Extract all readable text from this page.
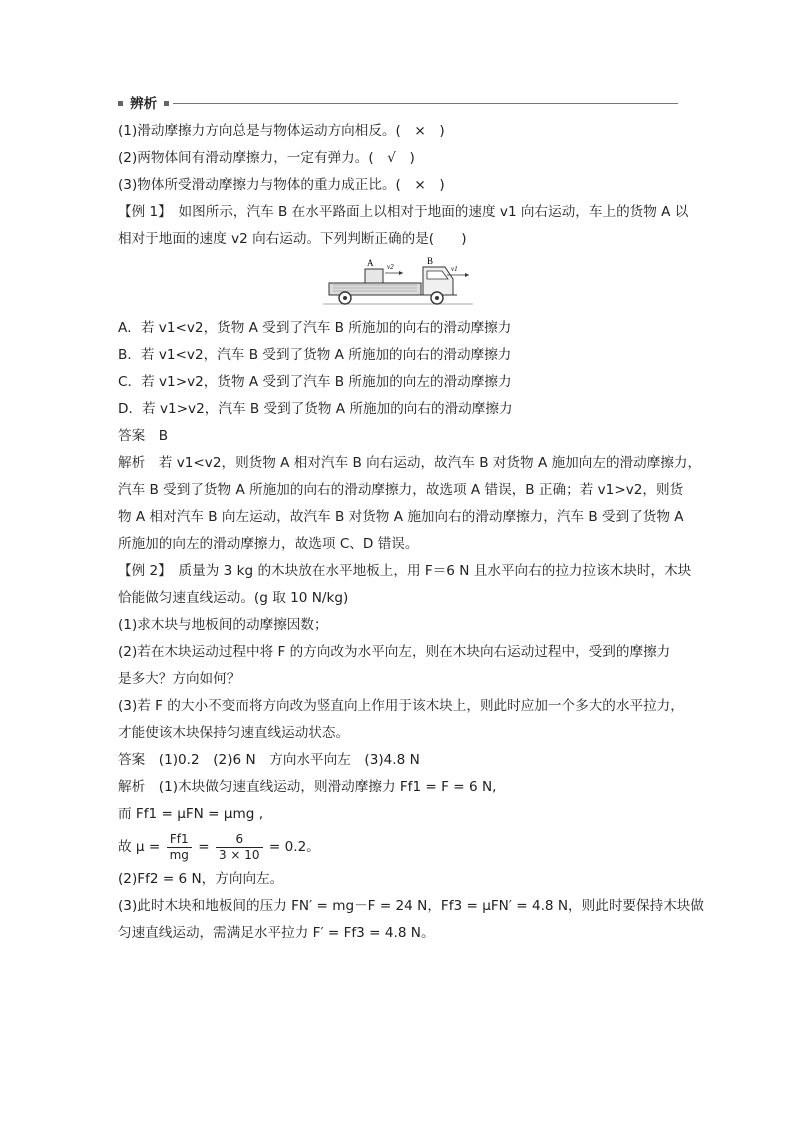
辨析
(1)滑动摩擦力方向总是与物体运动方向相反。(　×　)
(2)两物体间有滑动摩擦力，一定有弹力。(　√　)
(3)物体所受滑动摩擦力与物体的重力成正比。(　×　)
【例 1】　如图所示，汽车 B 在水平路面上以相对于地面的速度 v1 向右运动，车上的货物 A 以
相对于地面的速度 v2 向右运动。下列判断正确的是(　　)
A v2
B
v1
A．若 v1<v2，货物 A 受到了汽车 B 所施加的向右的滑动摩擦力
B．若 v1<v2，汽车 B 受到了货物 A 所施加的向右的滑动摩擦力
C．若 v1>v2，货物 A 受到了汽车 B 所施加的向左的滑动摩擦力
D．若 v1>v2，汽车 B 受到了货物 A 所施加的向右的滑动摩擦力
答案　B
解析　若 v1<v2，则货物 A 相对汽车 B 向右运动，故汽车 B 对货物 A 施加向左的滑动摩擦力，
汽车 B 受到了货物 A 所施加的向右的滑动摩擦力，故选项 A 错误，B 正确；若 v1>v2，则货
物 A 相对汽车 B 向左运动，故汽车 B 对货物 A 施加向右的滑动摩擦力，汽车 B 受到了货物 A
所施加的向左的滑动摩擦力，故选项 C、D 错误。
【例 2】　质量为 3 kg 的木块放在水平地板上，用 F＝6 N 且水平向右的拉力拉该木块时，木块
恰能做匀速直线运动。(g 取 10 N/kg)
(1)求木块与地板间的动摩擦因数；
(2)若在木块运动过程中将 F 的方向改为水平向左，则在木块向右运动过程中，受到的摩擦力
是多大？方向如何？
(3)若 F 的大小不变而将方向改为竖直向上作用于该木块上，则此时应加一个多大的水平拉力，
才能使该木块保持匀速直线运动状态。
答案　(1)0.2　(2)6 N　方向水平向左　(3)4.8 N
解析　(1)木块做匀速直线运动，则滑动摩擦力 Ff1 = F = 6 N,
而 Ff1 = μFN = μmg ,
故 $\mu = \frac{Ff1}{mg} = \frac{6}{3 \times 10} = 0.2$。
(2)Ff2 = 6 N，方向向左。
(3)此时木块和地板间的压力 FN′ = mg－F = 24 N，Ff3 = μFN′ = 4.8 N，则此时要保持木块做
匀速直线运动，需满足水平拉力 F′ = Ff3 = 4.8 N。
